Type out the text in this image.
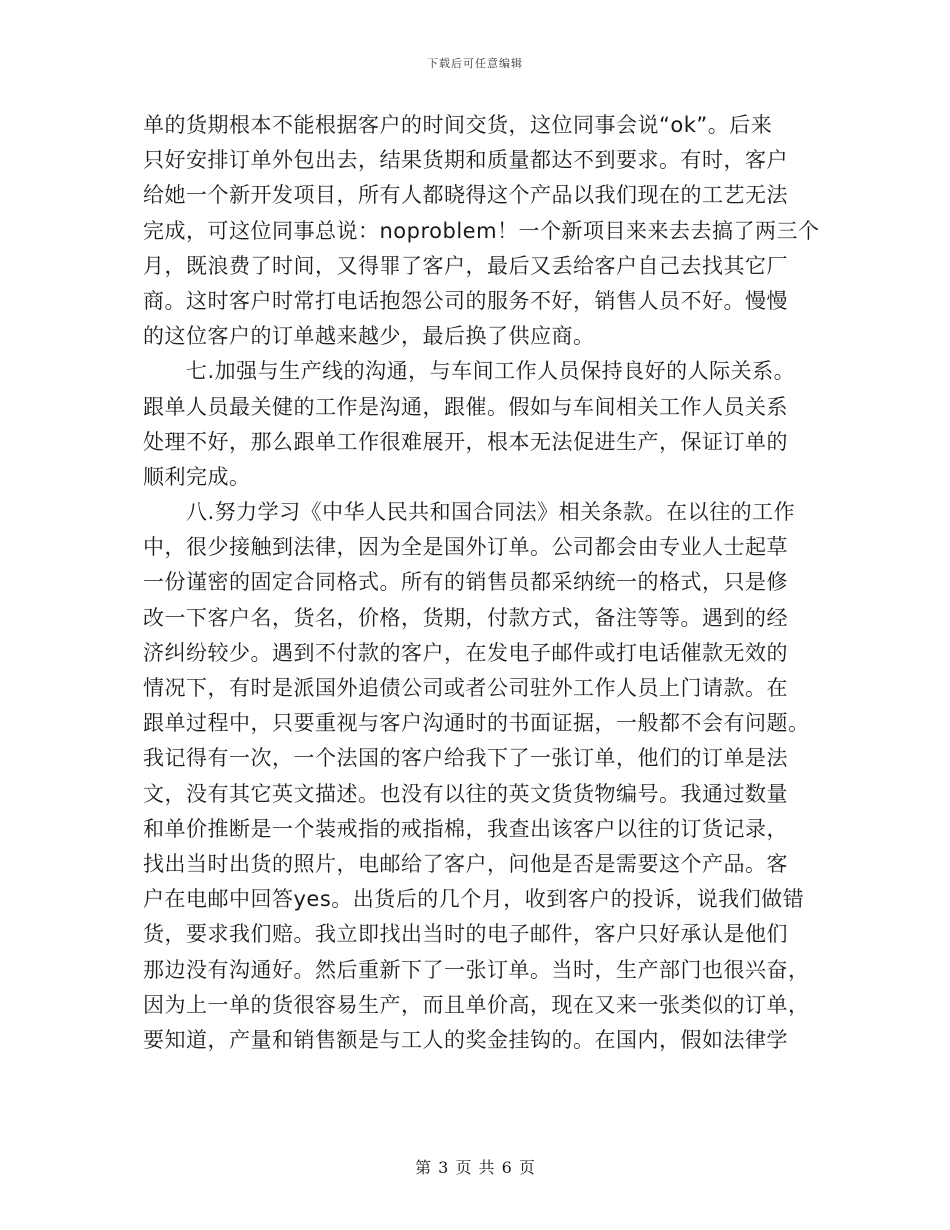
下载后可任意编辑
单的货期根本不能根据客户的时间交货，这位同事会说“ok”。后来
只好安排订单外包出去，结果货期和质量都达不到要求。有时，客户
给她一个新开发项目，所有人都晓得这个产品以我们现在的工艺无法
完成，可这位同事总说：noproblem！一个新项目来来去去搞了两三个
月，既浪费了时间，又得罪了客户，最后又丢给客户自己去找其它厂
商。这时客户时常打电话抱怨公司的服务不好，销售人员不好。慢慢
的这位客户的订单越来越少，最后换了供应商。
　　七.加强与生产线的沟通，与车间工作人员保持良好的人际关系。
跟单人员最关健的工作是沟通，跟催。假如与车间相关工作人员关系
处理不好，那么跟单工作很难展开，根本无法促进生产，保证订单的
顺利完成。
　　八.努力学习《中华人民共和国合同法》相关条款。在以往的工作
中，很少接触到法律，因为全是国外订单。公司都会由专业人士起草
一份谨密的固定合同格式。所有的销售员都采纳统一的格式，只是修
改一下客户名，货名，价格，货期，付款方式，备注等等。遇到的经
济纠纷较少。遇到不付款的客户，在发电子邮件或打电话催款无效的
情况下，有时是派国外追债公司或者公司驻外工作人员上门请款。在
跟单过程中，只要重视与客户沟通时的书面证据，一般都不会有问题。
我记得有一次，一个法国的客户给我下了一张订单，他们的订单是法
文，没有其它英文描述。也没有以往的英文货货物编号。我通过数量
和单价推断是一个装戒指的戒指棉，我查出该客户以往的订货记录，
找出当时出货的照片，电邮给了客户，问他是否是需要这个产品。客
户在电邮中回答yes。出货后的几个月，收到客户的投诉，说我们做错
货，要求我们赔。我立即找出当时的电子邮件，客户只好承认是他们
那边没有沟通好。然后重新下了一张订单。当时，生产部门也很兴奋，
因为上一单的货很容易生产，而且单价高，现在又来一张类似的订单，
要知道，产量和销售额是与工人的奖金挂钩的。在国内，假如法律学
第 3 页 共 6 页
